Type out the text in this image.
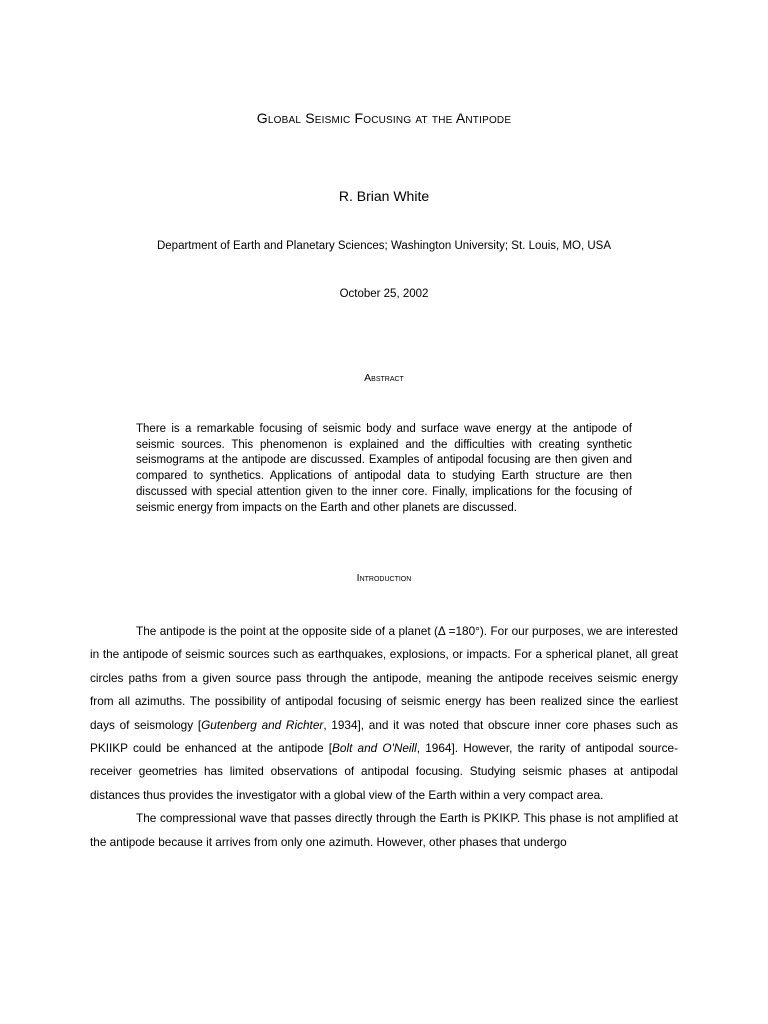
Global Seismic Focusing at the Antipode
R. Brian White
Department of Earth and Planetary Sciences; Washington University; St. Louis, MO, USA
October 25, 2002
Abstract
There is a remarkable focusing of seismic body and surface wave energy at the antipode of seismic sources. This phenomenon is explained and the difficulties with creating synthetic seismograms at the antipode are discussed. Examples of antipodal focusing are then given and compared to synthetics. Applications of antipodal data to studying Earth structure are then discussed with special attention given to the inner core. Finally, implications for the focusing of seismic energy from impacts on the Earth and other planets are discussed.
Introduction

The antipode is the point at the opposite side of a planet (Δ =180°). For our purposes, we are interested in the antipode of seismic sources such as earthquakes, explosions, or impacts. For a spherical planet, all great circles paths from a given source pass through the antipode, meaning the antipode receives seismic energy from all azimuths. The possibility of antipodal focusing of seismic energy has been realized since the earliest days of seismology [Gutenberg and Richter, 1934], and it was noted that obscure inner core phases such as PKIIKP could be enhanced at the antipode [Bolt and O'Neill, 1964]. However, the rarity of antipodal source-receiver geometries has limited observations of antipodal focusing. Studying seismic phases at antipodal distances thus provides the investigator with a global view of the Earth within a very compact area.

The compressional wave that passes directly through the Earth is PKIKP. This phase is not amplified at the antipode because it arrives from only one azimuth. However, other phases that undergo
